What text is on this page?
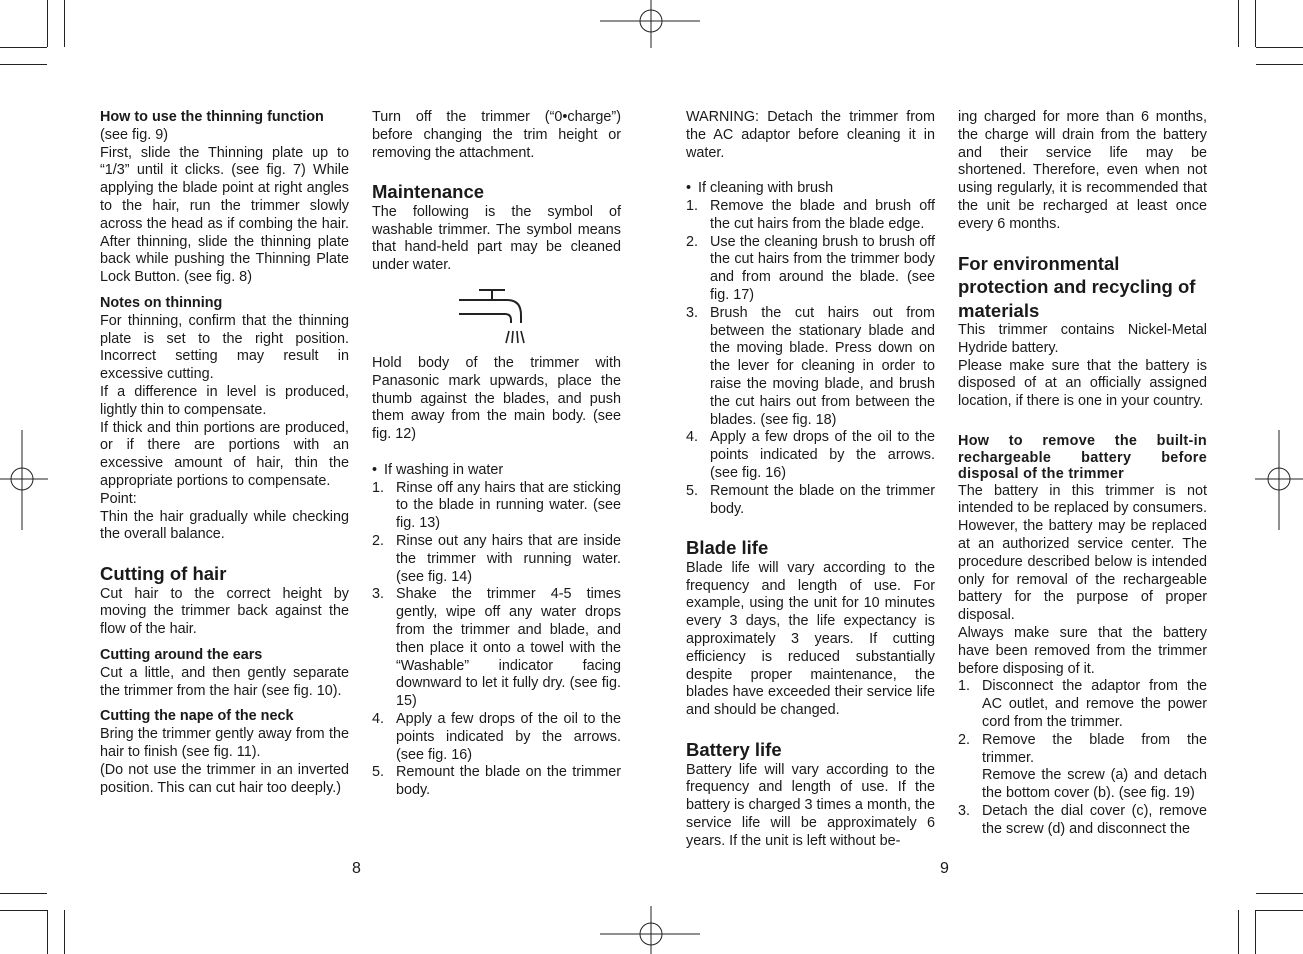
How to use the thinning function

(see fig. 9)

First, slide the Thinning plate up to “1/3” until it clicks. (see fig. 7) While applying the blade point at right angles to the hair, run the trimmer slowly across the head as if combing the hair. After thinning, slide the thinning plate back while pushing the Thinning Plate Lock Button. (see fig. 8)

Notes on thinning

For thinning, confirm that the thinning plate is set to the right position. Incorrect setting may result in excessive cutting.

If a difference in level is produced, lightly thin to compensate.

If thick and thin portions are produced, or if there are portions with an excessive amount of hair, thin the appropriate portions to compensate.

Point:

Thin the hair gradually while checking the overall balance.

Cutting of hair

Cut hair to the correct height by moving the trimmer back against the flow of the hair.

Cutting around the ears

Cut a little, and then gently separate the trimmer from the hair (see fig. 10).

Cutting the nape of the neck

Bring the trimmer gently away from the hair to finish (see fig. 11).

(Do not use the trimmer in an inverted position. This can cut hair too deeply.)

Turn off the trimmer (“0•charge”) before changing the trim height or removing the attachment.

Maintenance

The following is the symbol of washable trimmer. The symbol means that hand-held part may be cleaned under water.

Hold body of the trimmer with Panasonic mark upwards, place the thumb against the blades, and push them away from the main body. (see fig. 12)

• If washing in water

1. Rinse off any hairs that are sticking to the blade in running water. (see fig. 13)
2. Rinse out any hairs that are inside the trimmer with running water. (see fig. 14)
3. Shake the trimmer 4-5 times gently, wipe off any water drops from the trimmer and blade, and then place it onto a towel with the “Washable” indicator facing downward to let it fully dry. (see fig. 15)
4. Apply a few drops of the oil to the points indicated by the arrows. (see fig. 16)
5. Remount the blade on the trimmer body.
8

WARNING: Detach the trimmer from the AC adaptor before cleaning it in water.

• If cleaning with brush

1. Remove the blade and brush off the cut hairs from the blade edge.
2. Use the cleaning brush to brush off the cut hairs from the trimmer body and from around the blade. (see fig. 17)
3. Brush the cut hairs out from between the stationary blade and the moving blade. Press down on the lever for cleaning in order to raise the moving blade, and brush the cut hairs out from between the blades. (see fig. 18)
4. Apply a few drops of the oil to the points indicated by the arrows. (see fig. 16)
5. Remount the blade on the trimmer body.

Blade life

Blade life will vary according to the frequency and length of use. For example, using the unit for 10 minutes every 3 days, the life expectancy is approximately 3 years. If cutting efficiency is reduced substantially despite proper maintenance, the blades have exceeded their service life and should be changed.

Battery life

Battery life will vary according to the frequency and length of use. If the battery is charged 3 times a month, the service life will be approximately 6 years. If the unit is left without be-

ing charged for more than 6 months, the charge will drain from the battery and their service life may be shortened. Therefore, even when not using regularly, it is recommended that the unit be recharged at least once every 6 months.

For environmental protection and recycling of materials

This trimmer contains Nickel-Metal Hydride battery.

Please make sure that the battery is disposed of at an officially assigned location, if there is one in your country.

How to remove the built-in rechargeable battery before disposal of the trimmer

The battery in this trimmer is not intended to be replaced by consumers. However, the battery may be replaced at an authorized service center. The procedure described below is intended only for removal of the rechargeable battery for the purpose of proper disposal.

Always make sure that the battery have been removed from the trimmer before disposing of it.

1. Disconnect the adaptor from the AC outlet, and remove the power cord from the trimmer.
2. Remove the blade from the trimmer.
Remove the screw (a) and detach the bottom cover (b). (see fig. 19)
3. Detach the dial cover (c), remove the screw (d) and disconnect the
9
